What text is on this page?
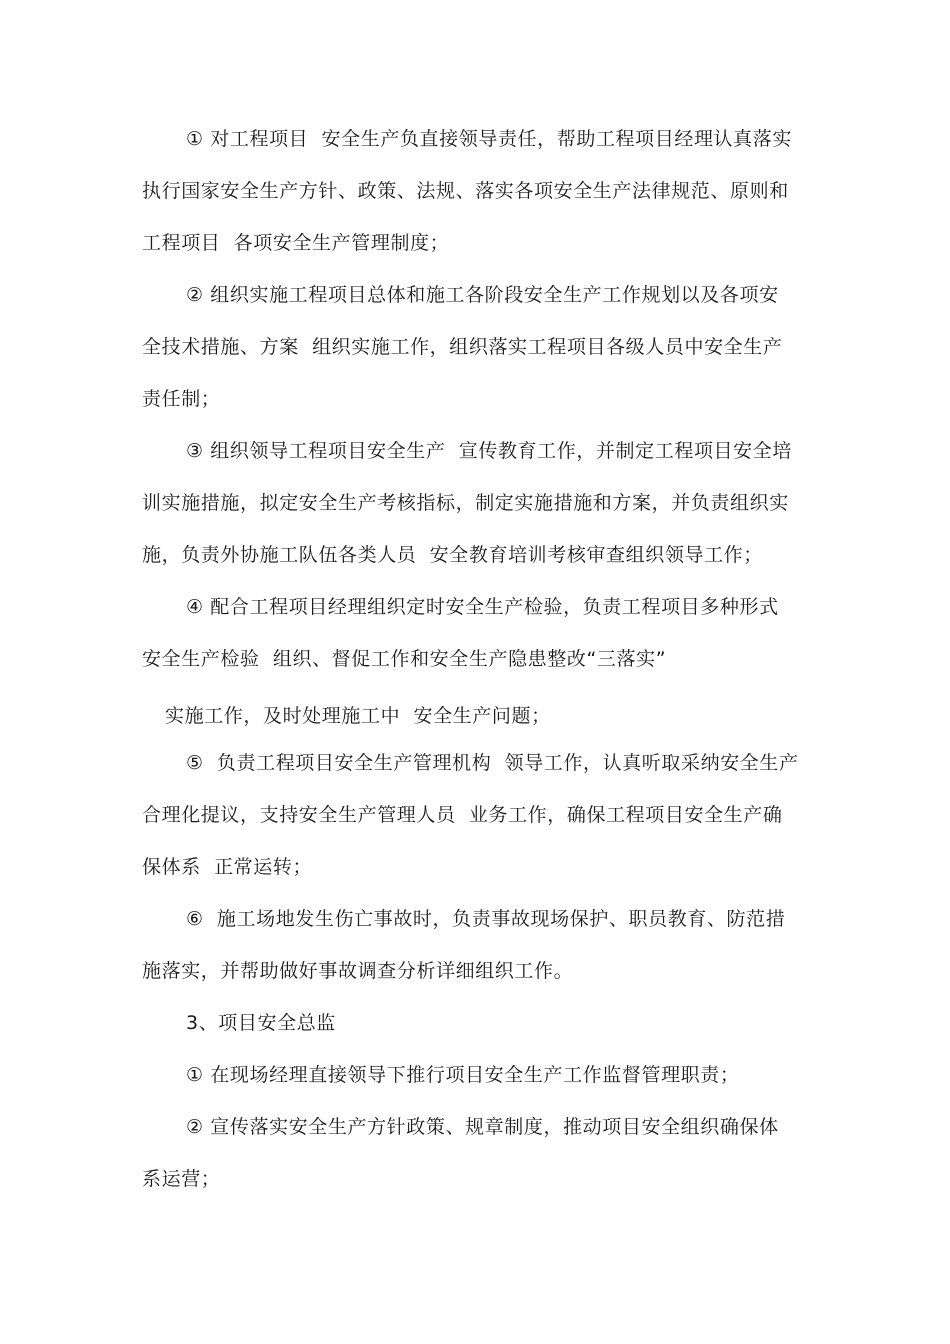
① 对工程项目  安全生产负直接领导责任，帮助工程项目经理认真落实
执行国家安全生产方针、政策、法规、落实各项安全生产法律规范、原则和
工程项目  各项安全生产管理制度；
② 组织实施工程项目总体和施工各阶段安全生产工作规划以及各项安
全技术措施、方案  组织实施工作，组织落实工程项目各级人员中安全生产
责任制；
③ 组织领导工程项目安全生产  宣传教育工作，并制定工程项目安全培
训实施措施，拟定安全生产考核指标，制定实施措施和方案，并负责组织实
施，负责外协施工队伍各类人员  安全教育培训考核审查组织领导工作；
④ 配合工程项目经理组织定时安全生产检验，负责工程项目多种形式
安全生产检验  组织、督促工作和安全生产隐患整改“三落实”
实施工作，及时处理施工中  安全生产问题；
⑤  负责工程项目安全生产管理机构  领导工作，认真听取采纳安全生产
合理化提议，支持安全生产管理人员  业务工作，确保工程项目安全生产确
保体系  正常运转；
⑥  施工场地发生伤亡事故时，负责事故现场保护、职员教育、防范措
施落实，并帮助做好事故调查分析详细组织工作。
3、项目安全总监
① 在现场经理直接领导下推行项目安全生产工作监督管理职责；
② 宣传落实安全生产方针政策、规章制度，推动项目安全组织确保体
系运营；
